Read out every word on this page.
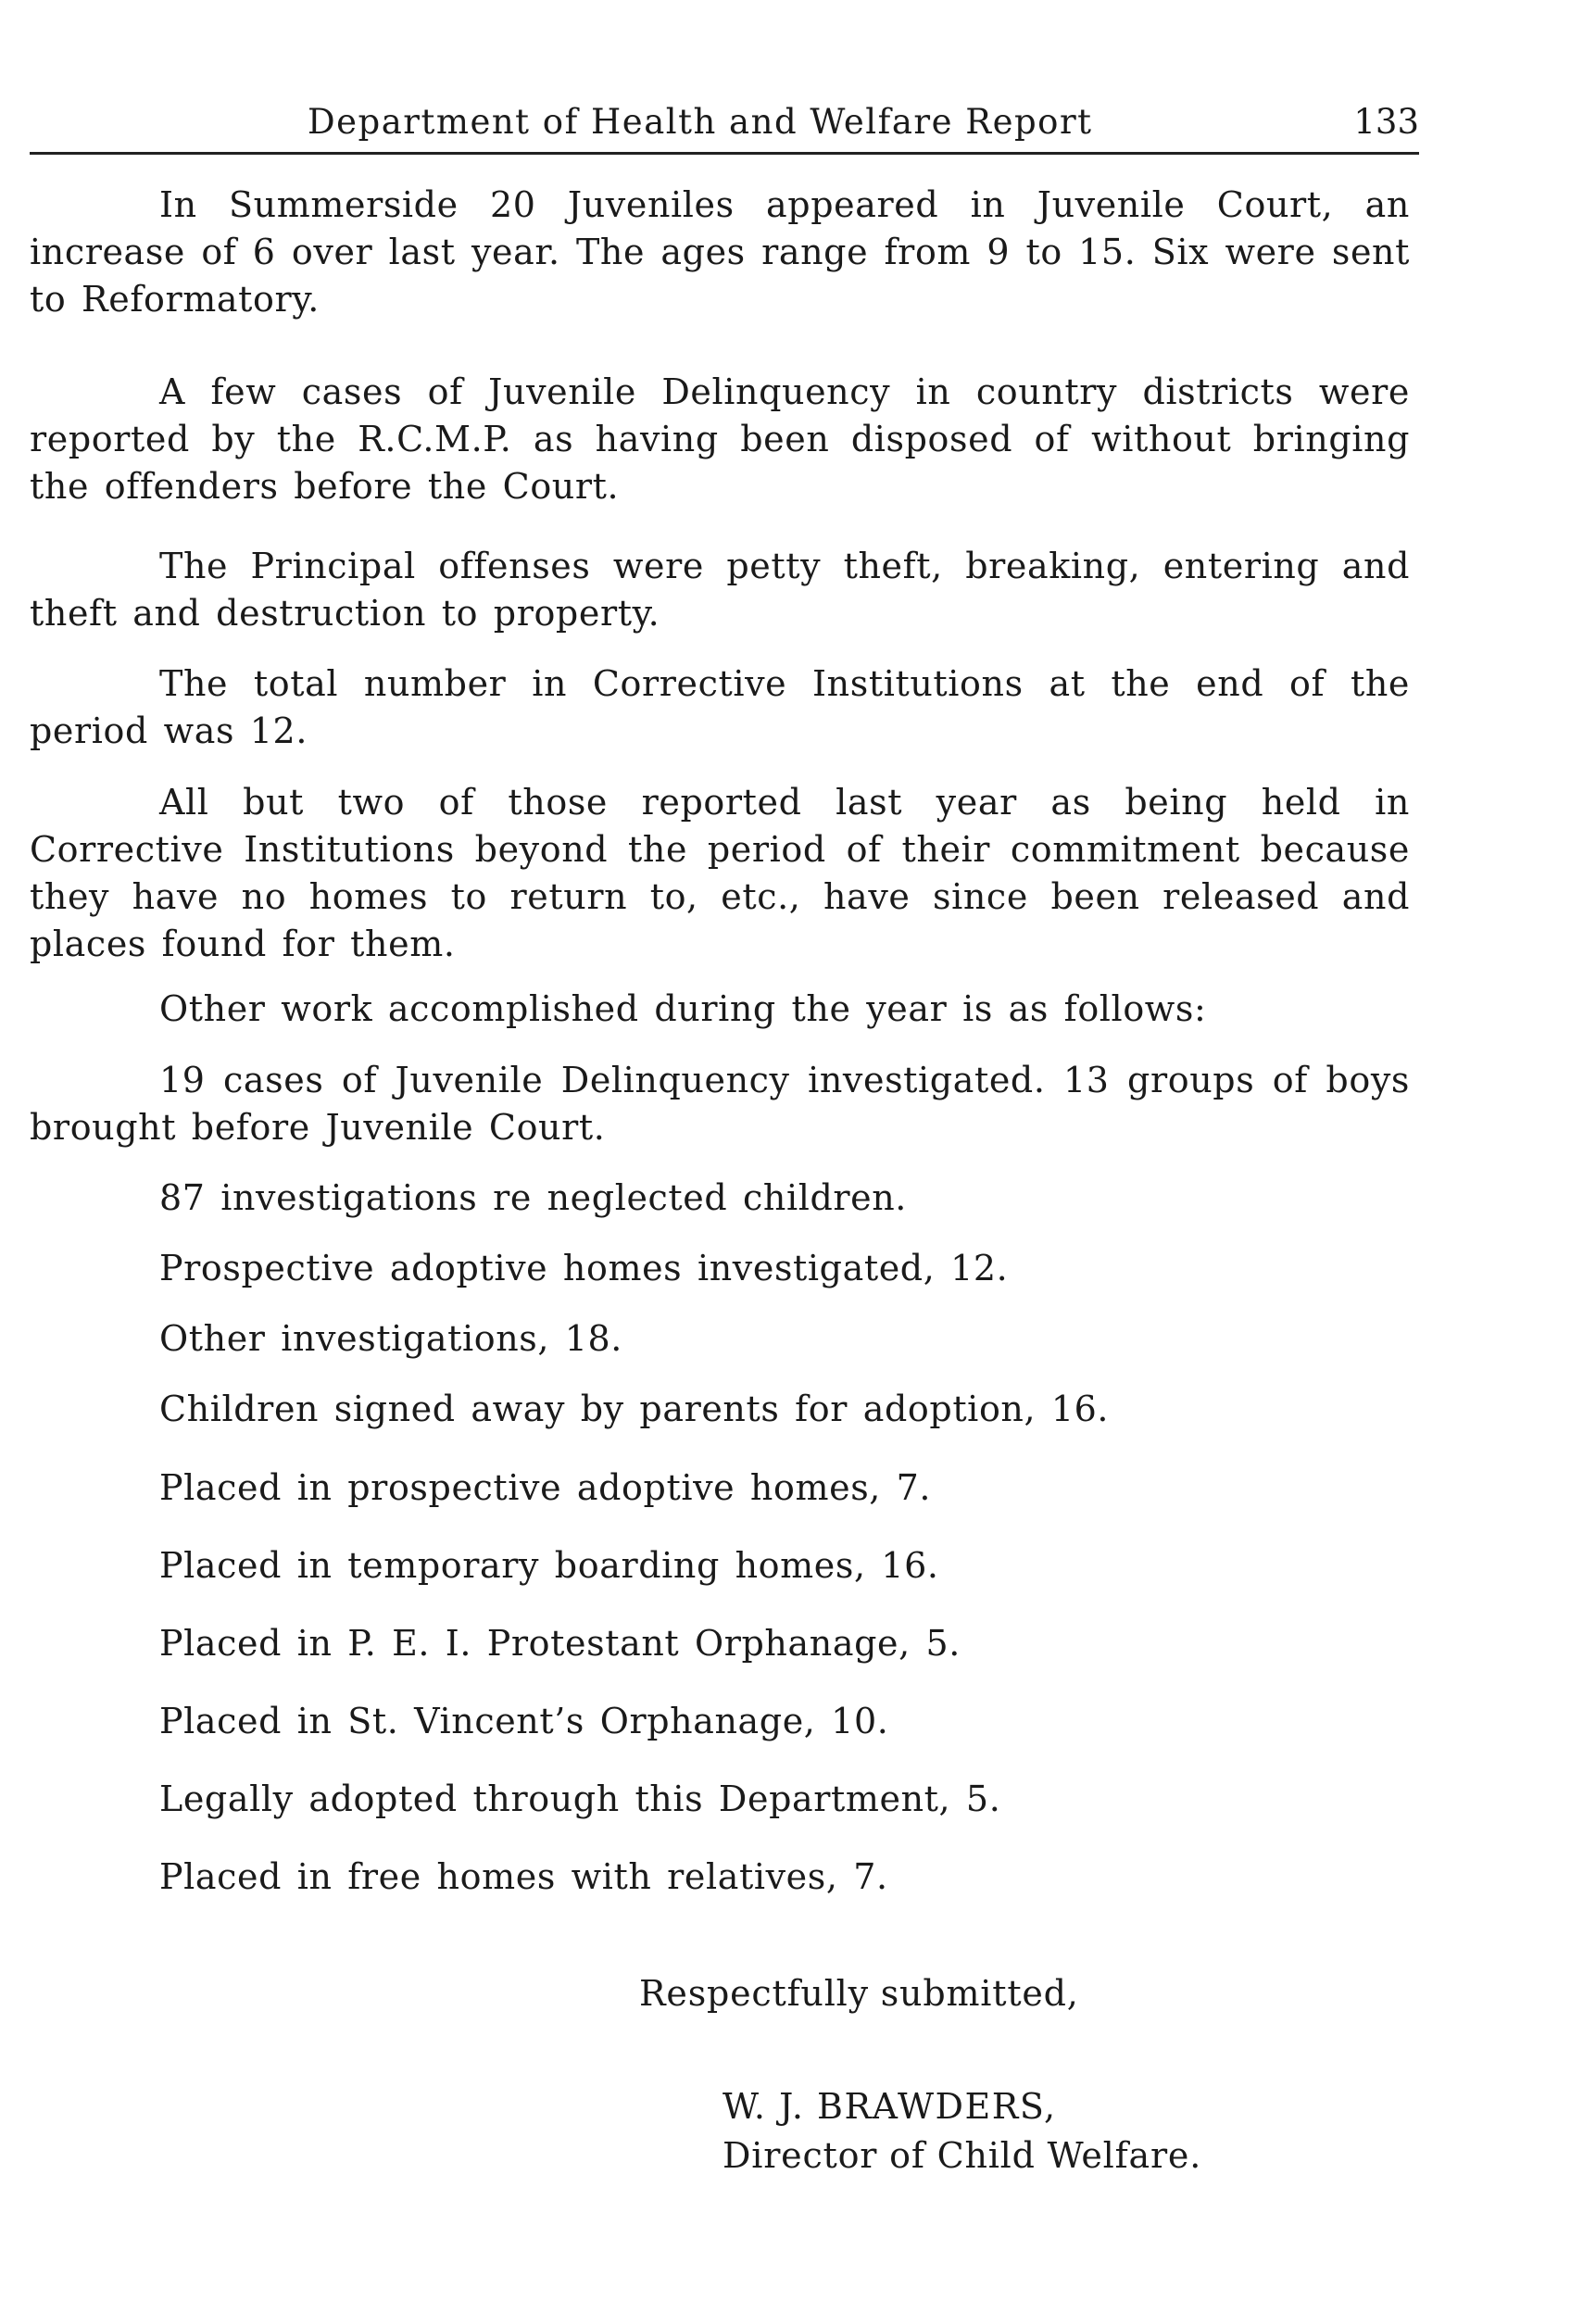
Department of Health and Welfare Report	133

In Summerside 20 Juveniles appeared in Juvenile Court, an increase of 6 over last year. The ages range from 9 to 15. Six were sent to Reformatory.

A few cases of Juvenile Delinquency in country districts were reported by the R.C.M.P. as having been disposed of without bringing the offenders before the Court.

The Principal offenses were petty theft, breaking, entering and theft and destruction to property.

The total number in Corrective Institutions at the end of the period was 12.

All but two of those reported last year as being held in Corrective Institutions beyond the period of their commitment because they have no homes to return to, etc., have since been released and places found for them.

Other work accomplished during the year is as follows:

19 cases of Juvenile Delinquency investigated. 13 groups of boys brought before Juvenile Court.

87 investigations re neglected children.
Prospective adoptive homes investigated, 12.
Other investigations, 18.
Children signed away by parents for adoption, 16.
Placed in prospective adoptive homes, 7.
Placed in temporary boarding homes, 16.
Placed in P. E. I. Protestant Orphanage, 5.
Placed in St. Vincent’s Orphanage, 10.
Legally adopted through this Department, 5.
Placed in free homes with relatives, 7.
Respectfully submitted,
W. J. BRAWDERS,
Director of Child Welfare.
